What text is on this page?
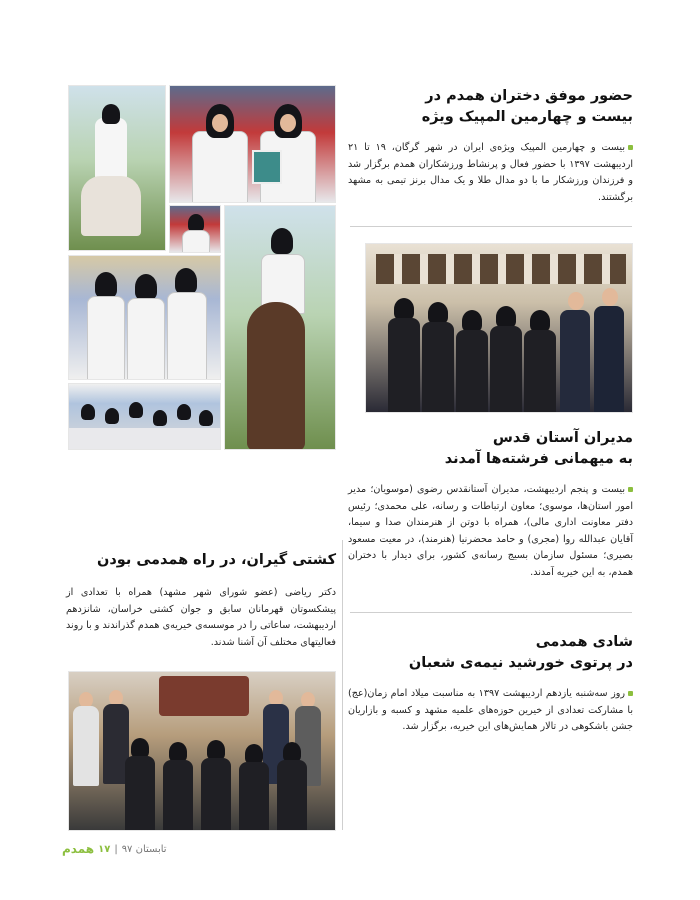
حضور موفق دختران همدم در
بیست و چهارمین المپیک ویژه
بیست و چهارمین المپیک ویژه‌ی ایران در شهر گرگان، ۱۹ تا ۲۱ اردیبهشت ۱۳۹۷ با حضور فعال و پرنشاط ورزشکاران همدم برگزار شد و فرزندان ورزشکار ما با دو مدال طلا و یک مدال برنز تیمی به مشهد برگشتند.
مدیران آستان قدس
به میهمانی فرشته‌ها آمدند
بیست و پنجم اردیبهشت، مدیران آستانقدس رضوی (موسویان؛ مدیر امور استان‌ها، موسوی؛ معاون ارتباطات و رسانه، علی محمدی؛ رئیس دفتر معاونت اداری مالی)، همراه با دوتن از هنرمندان صدا و سیما، آقایان عبدالله روا (مجری) و حامد محضرنیا (هنرمند)، در معیت مسعود بصیری؛ مسئول سازمان بسیج رسانه‌ی کشور، برای دیدار با دختران همدم، به این خیریه آمدند.
شادی همدمی
در پرتوی خورشید نیمه‌ی شعبان
روز سه‌شنبه یازدهم اردیبهشت ۱۳۹۷ به مناسبت میلاد امام زمان(عج) با مشارکت تعدادی از خیرین حوزه‌های علمیه مشهد و کسبه و بازاریان جشن باشکوهی در تالار همایش‌های این خیریه، برگزار شد.
کشتی گیران، در راه همدمی بودن
دکتر ریاضی (عضو شورای شهر مشهد) همراه با تعدادی از پیشکسوتان قهرمانان سابق و جوان کشتی خراسان، شانزدهم اردیبهشت، ساعاتی را در موسسه‌ی خیریه‌ی همدم گذراندند و با روند فعالیتهای مختلف آن آشنا شدند.
تابستان ۹۷
|
۱۷
همدم
